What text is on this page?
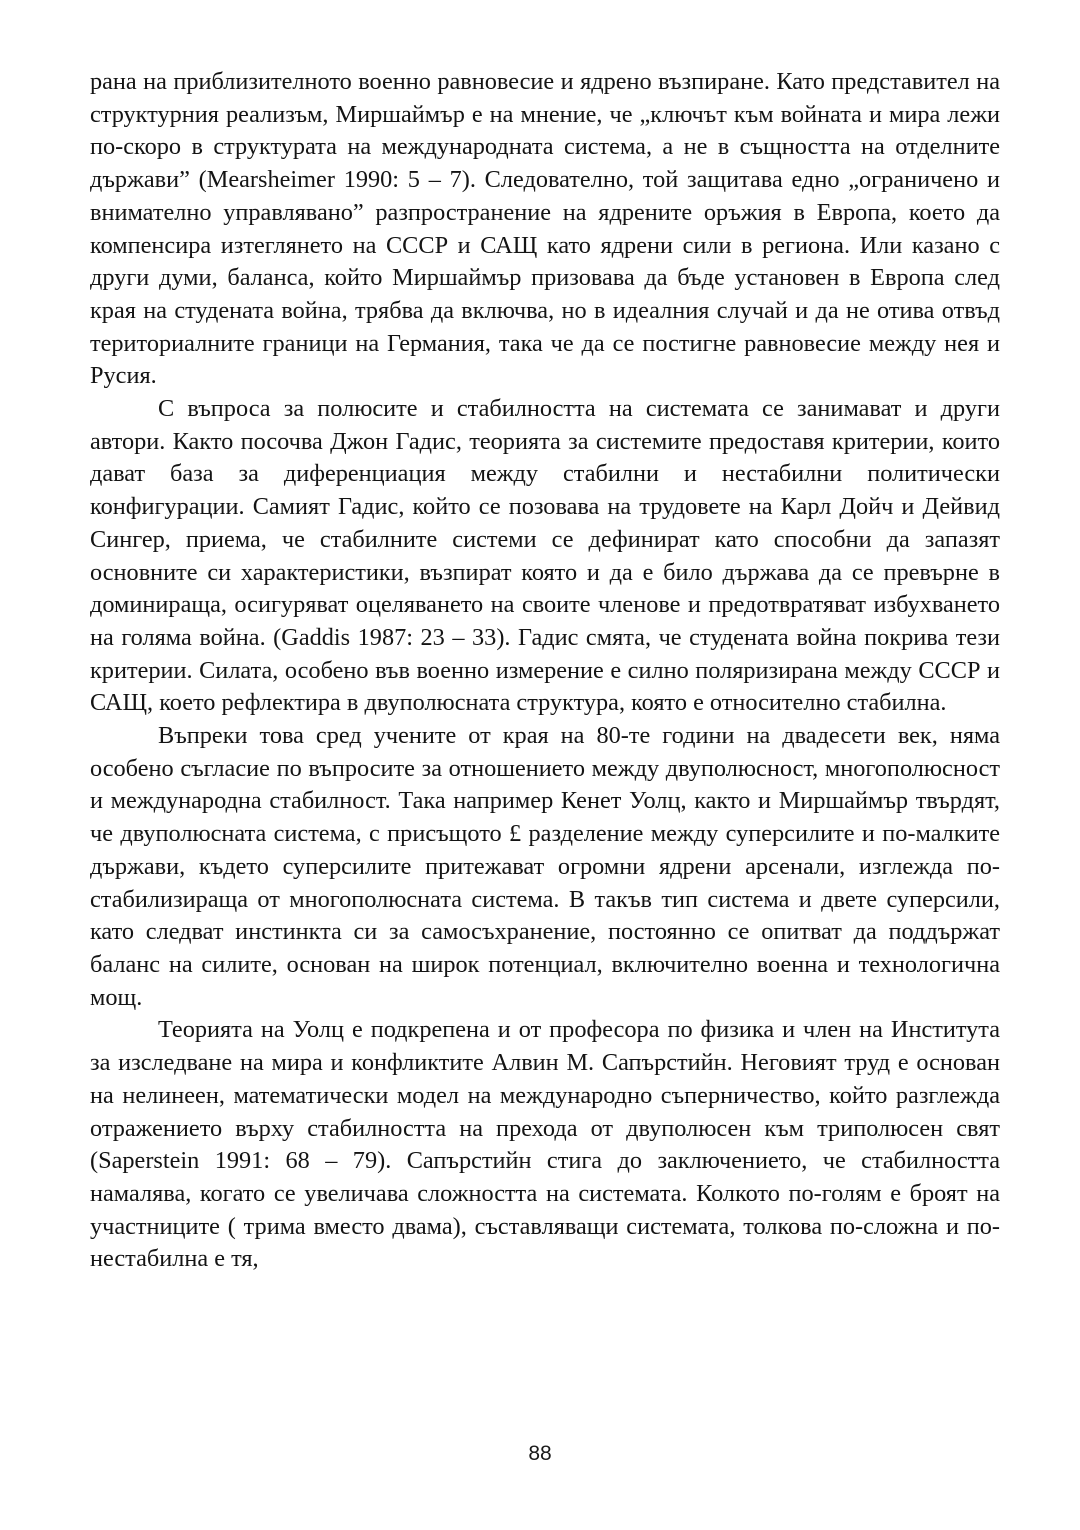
рана на приблизителното военно равновесие и ядрено възпиране. Като представител на структурния реализъм, Миршаймър е на мнение, че „ключът към войната и мира лежи по-скоро в структурата на международната система, а не в същността на отделните държави” (Mearsheimer 1990: 5 – 7). Следователно, той защитава едно „ограничено и внимателно управлявано” разпространение на ядрените оръжия в Европа, което да компенсира изтеглянето на СССР и САЩ като ядрени сили в региона. Или казано с други думи, баланса, който Миршаймър призовава да бъде установен в Европа след края на студената война, трябва да включва, но в идеалния случай и да не отива отвъд териториалните граници на Германия, така че да се постигне равновесие между нея и Русия.

С въпроса за полюсите и стабилността на системата се занимават и други автори. Както посочва Джон Гадис, теорията за системите предоставя критерии, които дават база за диференциация между стабилни и нестабилни политически конфигурации. Самият Гадис, който се позовава на трудовете на Карл Дойч и Дейвид Сингер, приема, че стабилните системи се дефинират като способни да запазят основните си характеристики, възпират която и да е било държава да се превърне в доминираща, осигуряват оцеляването на своите членове и предотвратяват избухването на голяма война. (Gaddis 1987: 23 – 33). Гадис смята, че студената война покрива тези критерии. Силата, особено във военно измерение е силно поляризирана между СССР и САЩ, което рефлектира в двуполюсната структура, която е относително стабилна.

Въпреки това сред учените от края на 80-те години на двадесети век, няма особено съгласие по въпросите за отношението между двуполюсност, многополюсност и международна стабилност. Така например Кенет Уолц, както и Миршаймър твърдят, че двуполюсната система, с присъщото £ разделение между суперсилите и по-малките държави, където суперсилите притежават огромни ядрени арсенали, изглежда по-стабилизираща от многополюсната система. В такъв тип система и двете суперсили, като следват инстинкта си за самосъхранение, постоянно се опитват да поддържат баланс на силите, основан на широк потенциал, включително военна и технологична мощ.

Теорията на Уолц е подкрепена и от професора по физика и член на Института за изследване на мира и конфликтите Алвин М. Сапърстийн. Неговият труд е основан на нелинеен, математически модел на международно съперничество, който разглежда отражението върху стабилността на прехода от двуполюсен към триполюсен свят (Saperstein 1991: 68 – 79). Сапърстийн стига до заключението, че стабилността намалява, когато се увеличава сложността на системата. Колкото по-голям е броят на участниците ( трима вместо двама), съставляващи системата, толкова по-сложна и по-нестабилна е тя,

88
